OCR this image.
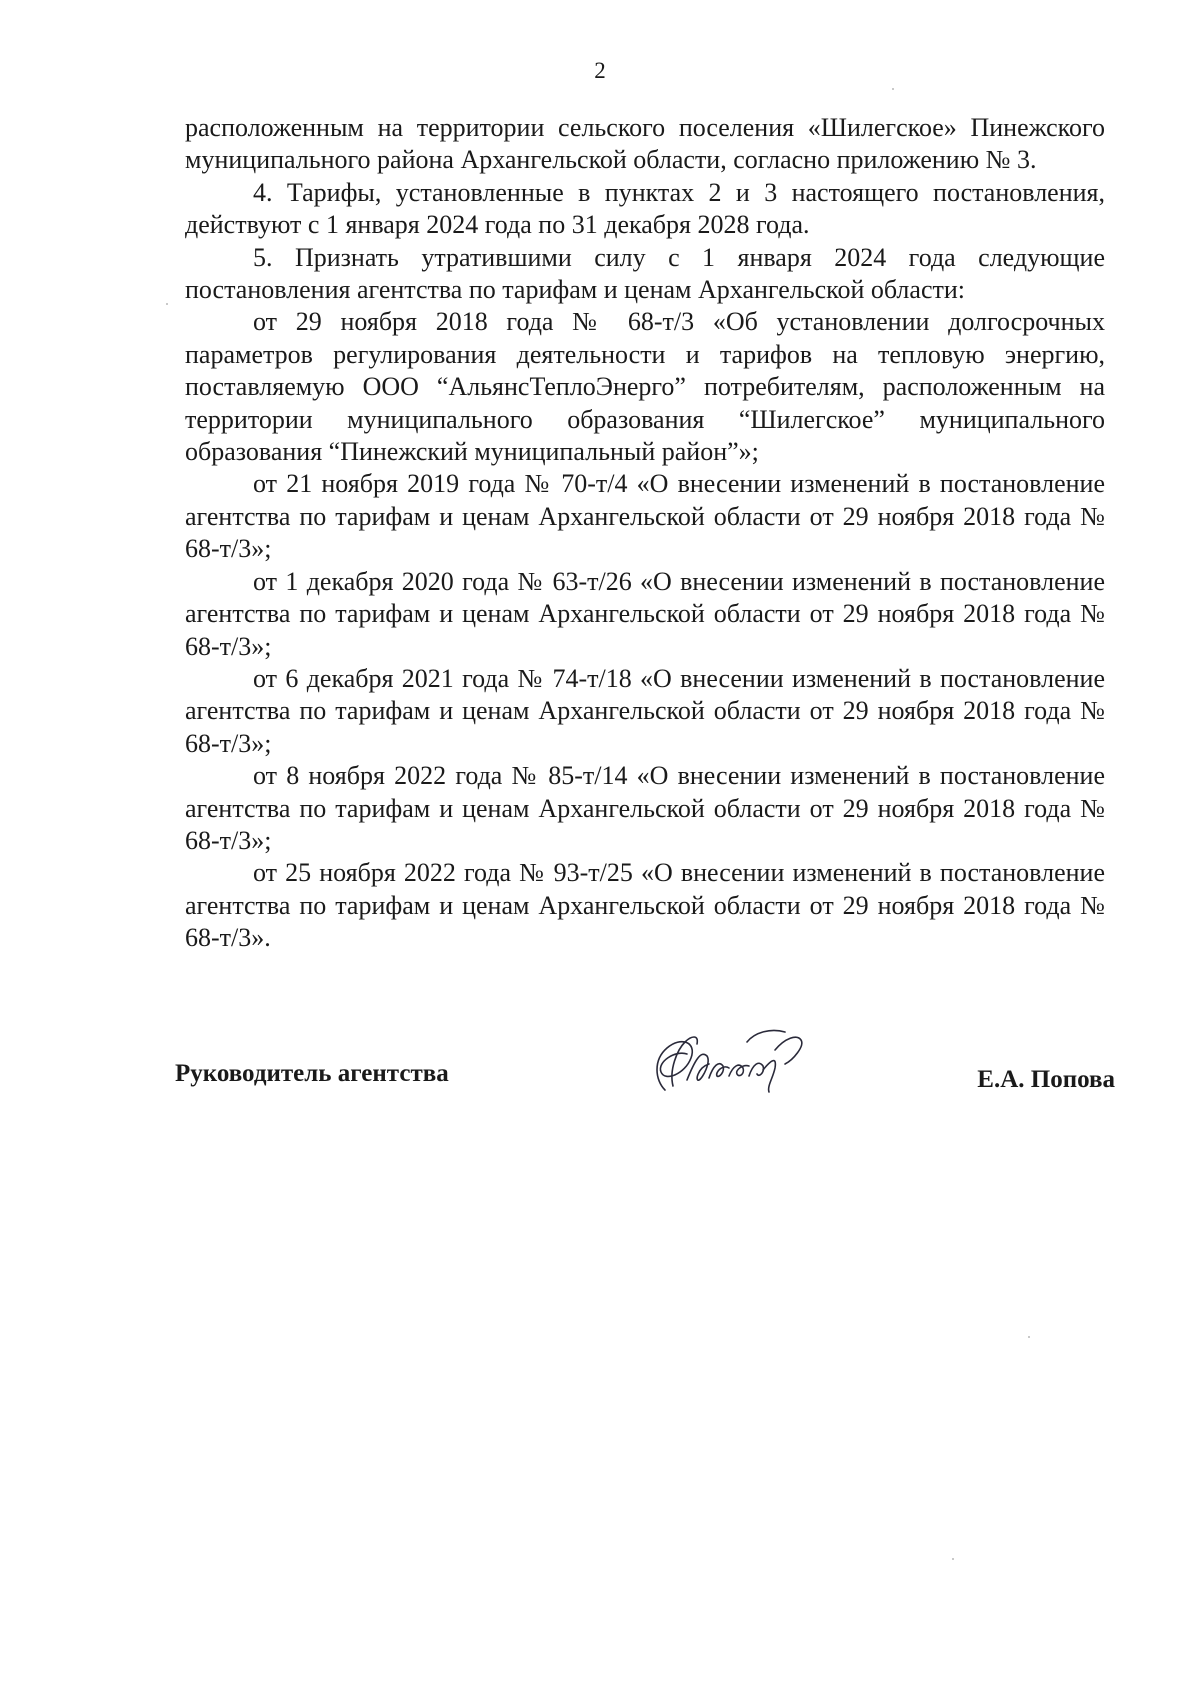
2

расположенным на территории сельского поселения «Шилегское» Пинежского муниципального района Архангельской области, согласно приложению № 3.

4. Тарифы, установленные в пунктах 2 и 3 настоящего постановления, действуют с 1 января 2024 года по 31 декабря 2028 года.

5. Признать утратившими силу с 1 января 2024 года следующие постановления агентства по тарифам и ценам Архангельской области:

от 29 ноября 2018 года № 68-т/3 «Об установлении долгосрочных параметров регулирования деятельности и тарифов на тепловую энергию, поставляемую ООО “АльянсТеплоЭнерго” потребителям, расположенным на территории муниципального образования “Шилегское” муниципального образования “Пинежский муниципальный район”»;

от 21 ноября 2019 года № 70-т/4 «О внесении изменений в постановление агентства по тарифам и ценам Архангельской области от 29 ноября 2018 года № 68-т/3»;

от 1 декабря 2020 года № 63-т/26 «О внесении изменений в постановление агентства по тарифам и ценам Архангельской области от 29 ноября 2018 года № 68-т/3»;

от 6 декабря 2021 года № 74-т/18 «О внесении изменений в постановление агентства по тарифам и ценам Архангельской области от 29 ноября 2018 года № 68-т/3»;

от 8 ноября 2022 года № 85-т/14 «О внесении изменений в постановление агентства по тарифам и ценам Архангельской области от 29 ноября 2018 года № 68-т/3»;

от 25 ноября 2022 года № 93-т/25 «О внесении изменений в постановление агентства по тарифам и ценам Архангельской области от 29 ноября 2018 года № 68-т/3».

Руководитель агентства	Е.А. Попова
